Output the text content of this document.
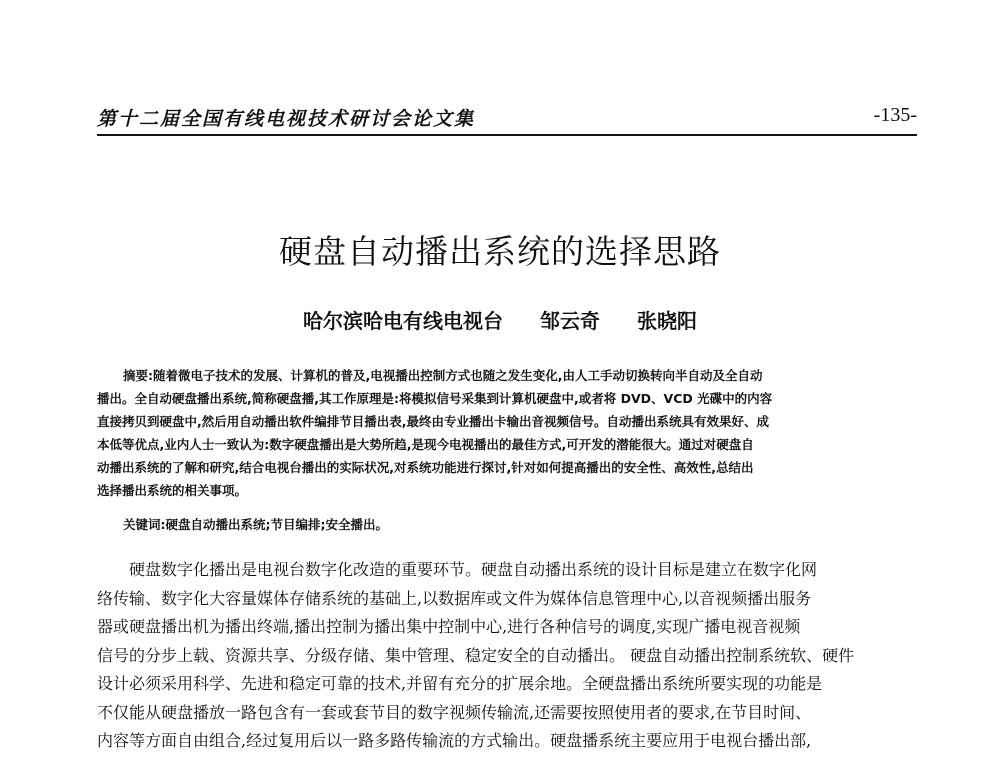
第十二届全国有线电视技术研讨会论文集	-135-
硬盘自动播出系统的选择思路
哈尔滨哈电有线电视台 邹云奇 张晓阳

摘要:随着微电子技术的发展、计算机的普及,电视播出控制方式也随之发生变化,由人工手动切换转向半自动及全自动
播出。全自动硬盘播出系统,简称硬盘播,其工作原理是:将模拟信号采集到计算机硬盘中,或者将 DVD、VCD 光碟中的内容
直接拷贝到硬盘中,然后用自动播出软件编排节目播出表,最终由专业播出卡输出音视频信号。自动播出系统具有效果好、成
本低等优点,业内人士一致认为:数字硬盘播出是大势所趋,是现今电视播出的最佳方式,可开发的潜能很大。通过对硬盘自
动播出系统的了解和研究,结合电视台播出的实际状况,对系统功能进行探讨,针对如何提高播出的安全性、高效性,总结出
选择播出系统的相关事项。

关键词:硬盘自动播出系统;节目编排;安全播出。
硬盘数字化播出是电视台数字化改造的重要环节。硬盘自动播出系统的设计目标是建立在数字化网
络传输、数字化大容量媒体存储系统的基础上,以数据库或文件为媒体信息管理中心,以音视频播出服务
器或硬盘播出机为播出终端,播出控制为播出集中控制中心,进行各种信号的调度,实现广播电视音视频
信号的分步上载、资源共享、分级存储、集中管理、稳定安全的自动播出。 硬盘自动播出控制系统软、硬件
设计必须采用科学、先进和稳定可靠的技术,并留有充分的扩展余地。全硬盘播出系统所要实现的功能是
不仅能从硬盘播放一路包含有一套或套节目的数字视频传输流,还需要按照使用者的要求,在节目时间、
内容等方面自由组合,经过复用后以一路多路传输流的方式输出。硬盘播系统主要应用于电视台播出部,
